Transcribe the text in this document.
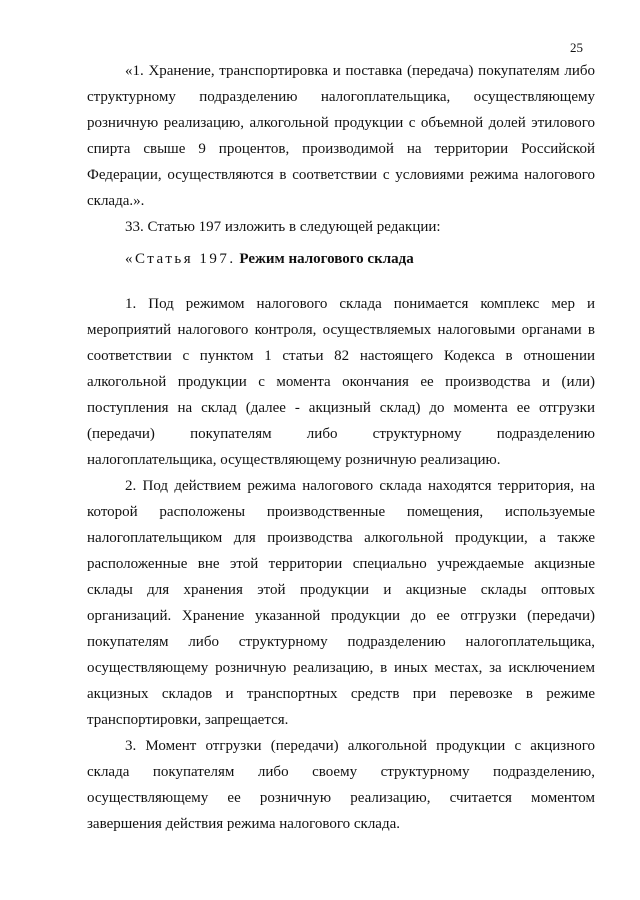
25

«1. Хранение, транспортировка и поставка (передача) покупателям либо структурному подразделению налогоплательщика, осуществляющему розничную реализацию, алкогольной продукции с объемной долей этилового спирта свыше 9 процентов, производимой на территории Российской Федерации, осуществляются в соответствии с условиями режима налогового склада.».

33. Статью 197 изложить в следующей редакции:

«Статья 197. Режим налогового склада

1. Под режимом налогового склада понимается комплекс мер и мероприятий налогового контроля, осуществляемых налоговыми органами в соответствии с пунктом 1 статьи 82 настоящего Кодекса в отношении алкогольной продукции с момента окончания ее производства и (или) поступления на склад (далее - акцизный склад) до момента ее отгрузки (передачи) покупателям либо структурному подразделению налогоплательщика, осуществляющему розничную реализацию.

2. Под действием режима налогового склада находятся территория, на которой расположены производственные помещения, используемые налогоплательщиком для производства алкогольной продукции, а также расположенные вне этой территории специально учреждаемые акцизные склады для хранения этой продукции и акцизные склады оптовых организаций. Хранение указанной продукции до ее отгрузки (передачи) покупателям либо структурному подразделению налогоплательщика, осуществляющему розничную реализацию, в иных местах, за исключением акцизных складов и транспортных средств при перевозке в режиме транспортировки, запрещается.

3. Момент отгрузки (передачи) алкогольной продукции с акцизного склада покупателям либо своему структурному подразделению, осуществляющему ее розничную реализацию, считается моментом завершения действия режима налогового склада.
